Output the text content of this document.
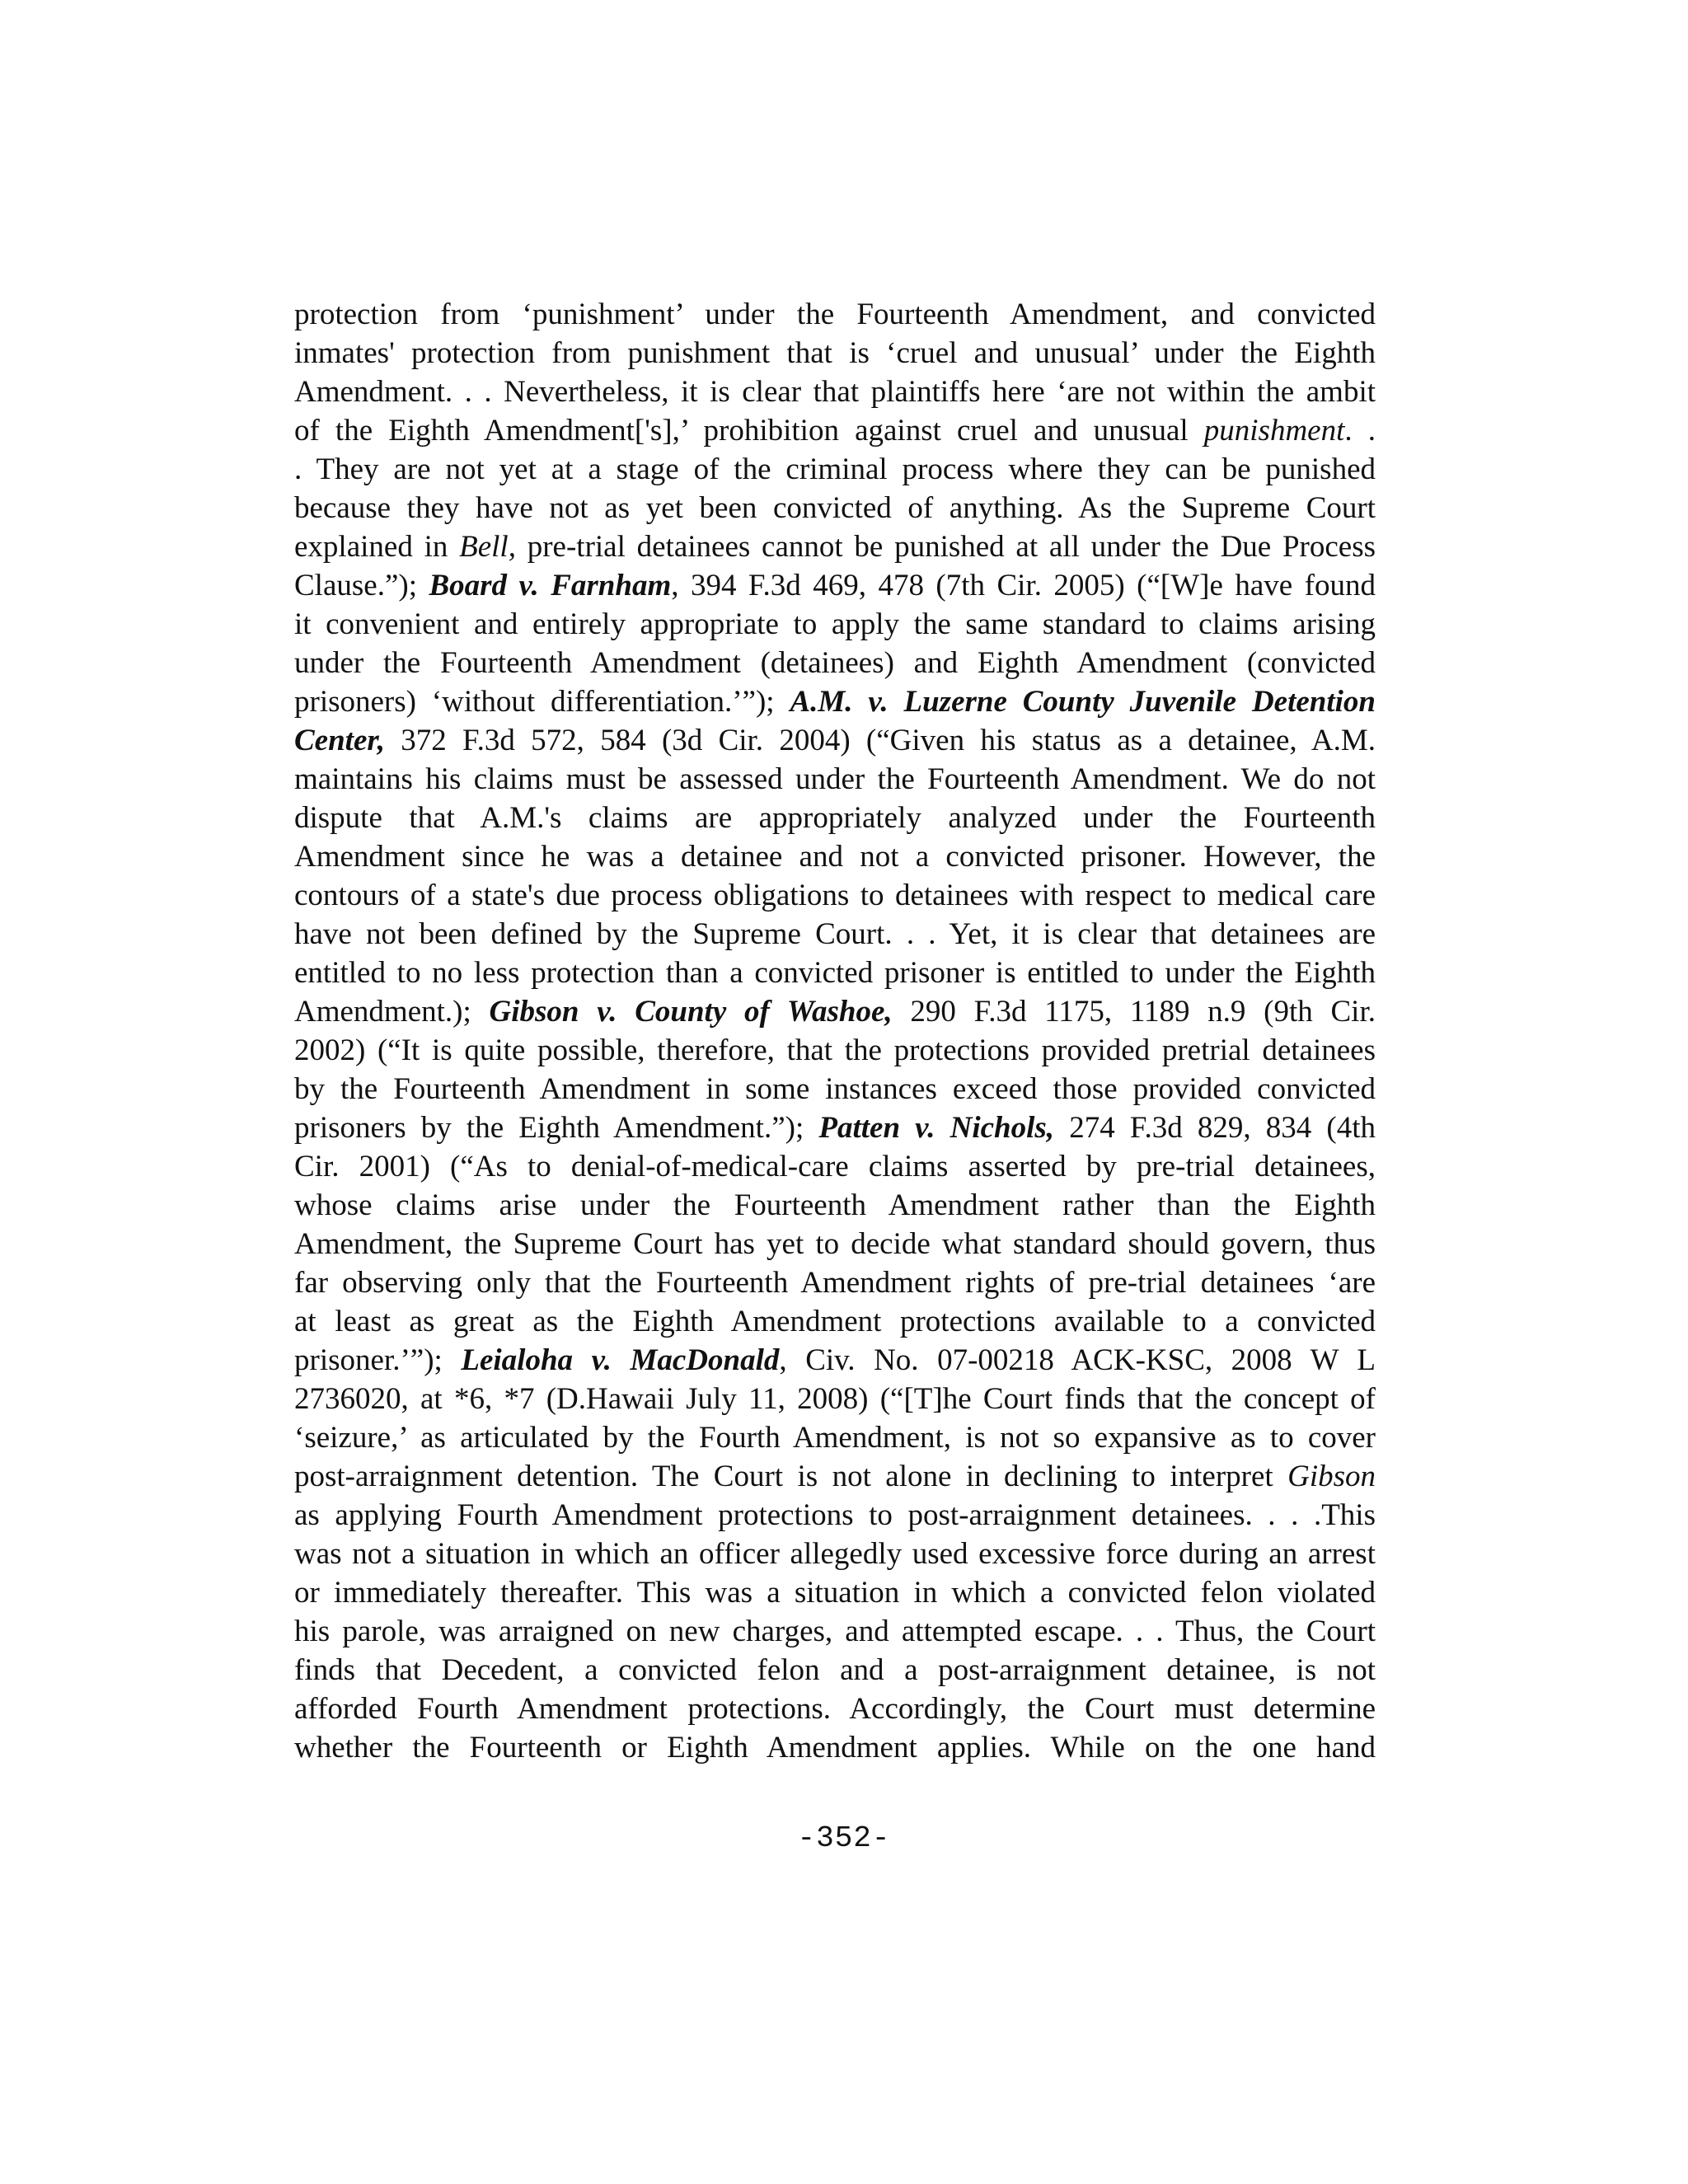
protection from ‘punishment’ under the Fourteenth Amendment, and convicted
inmates' protection from punishment that is ‘cruel and unusual’ under the Eighth
Amendment. . . Nevertheless, it is clear that plaintiffs here ‘are not within the ambit
of the Eighth Amendment['s],’ prohibition against cruel and unusual punishment. .
. They are not yet at a stage of the criminal process where they can be punished
because they have not as yet been convicted of anything. As the Supreme Court
explained in Bell, pre-trial detainees cannot be punished at all under the Due Process
Clause.”); Board v. Farnham, 394 F.3d 469, 478 (7th Cir. 2005) (“[W]e have found
it convenient and entirely appropriate to apply the same standard to claims arising
under the Fourteenth Amendment (detainees) and Eighth Amendment (convicted
prisoners) ‘without differentiation.’”); A.M. v. Luzerne County Juvenile Detention
Center, 372 F.3d 572, 584 (3d Cir. 2004) (“Given his status as a detainee, A.M.
maintains his claims must be assessed under the Fourteenth Amendment. We do not
dispute that A.M.'s claims are appropriately analyzed under the Fourteenth
Amendment since he was a detainee and not a convicted prisoner. However, the
contours of a state's due process obligations to detainees with respect to medical care
have not been defined by the Supreme Court. . . Yet, it is clear that detainees are
entitled to no less protection than a convicted prisoner is entitled to under the Eighth
Amendment.); Gibson v. County of Washoe, 290 F.3d 1175, 1189 n.9 (9th Cir.
2002) (“It is quite possible, therefore, that the protections provided pretrial detainees
by the Fourteenth Amendment in some instances exceed those provided convicted
prisoners by the Eighth Amendment.”); Patten v. Nichols, 274 F.3d 829, 834 (4th
Cir. 2001) (“As to denial-of-medical-care claims asserted by pre-trial detainees,
whose claims arise under the Fourteenth Amendment rather than the Eighth
Amendment, the Supreme Court has yet to decide what standard should govern, thus
far observing only that the Fourteenth Amendment rights of pre-trial detainees ‘are
at least as great as the Eighth Amendment protections available to a convicted
prisoner.’”); Leialoha v. MacDonald, Civ. No. 07-00218 ACK-KSC, 2008 W L
2736020, at *6, *7 (D.Hawaii July 11, 2008) (“[T]he Court finds that the concept of
‘seizure,’ as articulated by the Fourth Amendment, is not so expansive as to cover
post-arraignment detention. The Court is not alone in declining to interpret Gibson
as applying Fourth Amendment protections to post-arraignment detainees. . . .This
was not a situation in which an officer allegedly used excessive force during an arrest
or immediately thereafter. This was a situation in which a convicted felon violated
his parole, was arraigned on new charges, and attempted escape. . . Thus, the Court
finds that Decedent, a convicted felon and a post-arraignment detainee, is not
afforded Fourth Amendment protections. Accordingly, the Court must determine
whether the Fourteenth or Eighth Amendment applies. While on the one hand
-352-
